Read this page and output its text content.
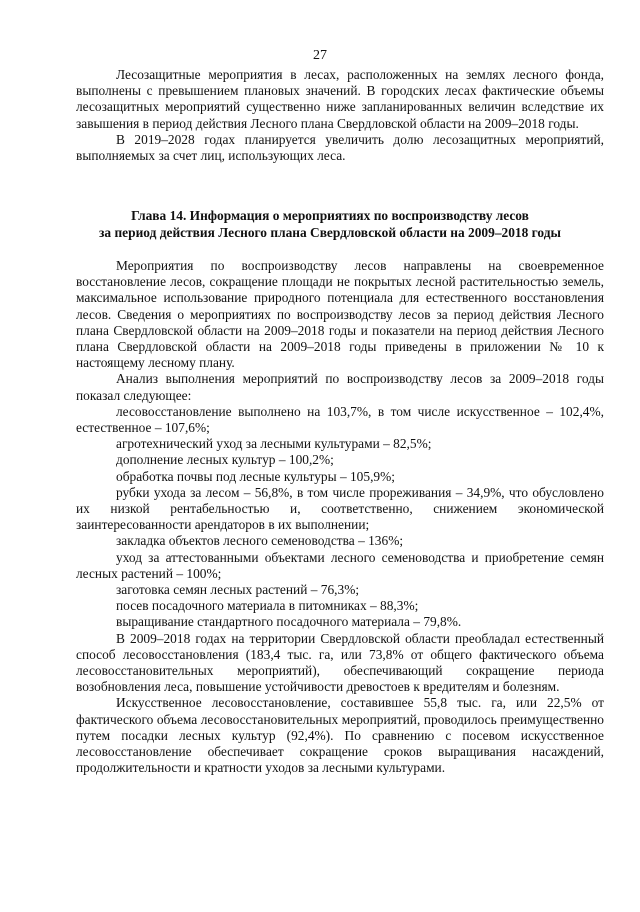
27

Лесозащитные мероприятия в лесах, расположенных на землях лесного фонда, выполнены с превышением плановых значений. В городских лесах фактические объемы лесозащитных мероприятий существенно ниже запланированных величин вследствие их завышения в период действия Лесного плана Свердловской области на 2009–2018 годы.

В 2019–2028 годах планируется увеличить долю лесозащитных мероприятий, выполняемых за счет лиц, использующих леса.

Глава 14. Информация о мероприятиях по воспроизводству лесов
за период действия Лесного плана Свердловской области на 2009–2018 годы

Мероприятия по воспроизводству лесов направлены на своевременное восстановление лесов, сокращение площади не покрытых лесной растительностью земель, максимальное использование природного потенциала для естественного восстановления лесов. Сведения о мероприятиях по воспроизводству лесов за период действия Лесного плана Свердловской области на 2009–2018 годы и показатели на период действия Лесного плана Свердловской области на 2009–2018 годы приведены в приложении № 10 к настоящему лесному плану.

Анализ выполнения мероприятий по воспроизводству лесов за 2009–2018 годы показал следующее:

лесовосстановление выполнено на 103,7%, в том числе искусственное – 102,4%, естественное – 107,6%;

агротехнический уход за лесными культурами – 82,5%;

дополнение лесных культур – 100,2%;

обработка почвы под лесные культуры – 105,9%;

рубки ухода за лесом – 56,8%, в том числе прореживания – 34,9%, что обусловлено их низкой рентабельностью и, соответственно, снижением экономической заинтересованности арендаторов в их выполнении;

закладка объектов лесного семеноводства – 136%;

уход за аттестованными объектами лесного семеноводства и приобретение семян лесных растений – 100%;

заготовка семян лесных растений – 76,3%;

посев посадочного материала в питомниках – 88,3%;

выращивание стандартного посадочного материала – 79,8%.

В 2009–2018 годах на территории Свердловской области преобладал естественный способ лесовосстановления (183,4 тыс. га, или 73,8% от общего фактического объема лесовосстановительных мероприятий), обеспечивающий сокращение периода возобновления леса, повышение устойчивости древостоев к вредителям и болезням.

Искусственное лесовосстановление, составившее 55,8 тыс. га, или 22,5% от фактического объема лесовосстановительных мероприятий, проводилось преимущественно путем посадки лесных культур (92,4%). По сравнению с посевом искусственное лесовосстановление обеспечивает сокращение сроков выращивания насаждений, продолжительности и кратности уходов за лесными культурами.
